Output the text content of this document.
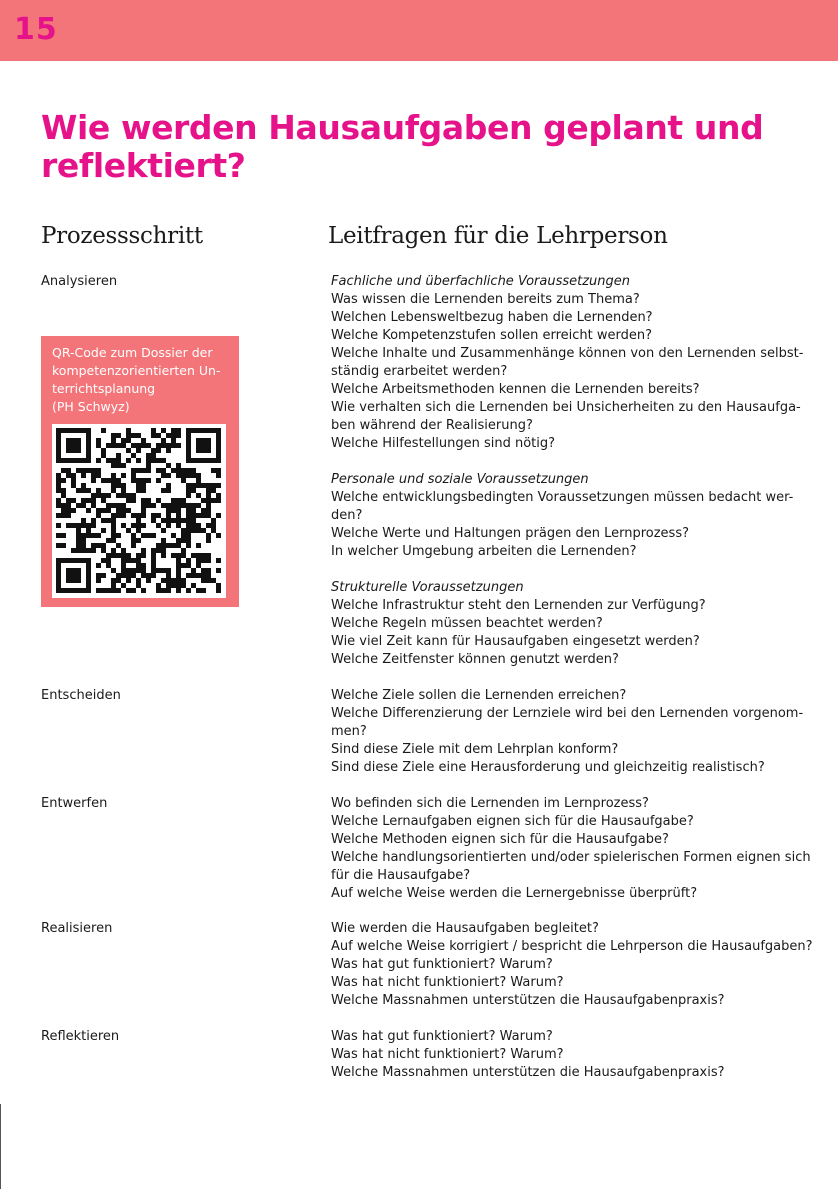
15
Wie werden Hausaufgaben geplant und
reflektiert?
Prozessschritt	Leitfragen für die Lehrperson
Analysieren
Entscheiden
Entwerfen
Realisieren
Reflektieren
QR-Code zum Dossier der
kompetenzorientierten Un-
terrichtsplanung
(PH Schwyz)
Fachliche und überfachliche Voraussetzungen
Was wissen die Lernenden bereits zum Thema?
Welchen Lebensweltbezug haben die Lernenden?
Welche Kompetenzstufen sollen erreicht werden?
Welche Inhalte und Zusammenhänge können von den Lernenden selbst-
ständig erarbeitet werden?
Welche Arbeitsmethoden kennen die Lernenden bereits?
Wie verhalten sich die Lernenden bei Unsicherheiten zu den Hausaufga-
ben während der Realisierung?
Welche Hilfestellungen sind nötig?
Personale und soziale Voraussetzungen
Welche entwicklungsbedingten Voraussetzungen müssen bedacht wer-
den?
Welche Werte und Haltungen prägen den Lernprozess?
In welcher Umgebung arbeiten die Lernenden?
Strukturelle Voraussetzungen
Welche Infrastruktur steht den Lernenden zur Verfügung?
Welche Regeln müssen beachtet werden?
Wie viel Zeit kann für Hausaufgaben eingesetzt werden?
Welche Zeitfenster können genutzt werden?
Welche Ziele sollen die Lernenden erreichen?
Welche Differenzierung der Lernziele wird bei den Lernenden vorgenom-
men?
Sind diese Ziele mit dem Lehrplan konform?
Sind diese Ziele eine Herausforderung und gleichzeitig realistisch?
Wo befinden sich die Lernenden im Lernprozess?
Welche Lernaufgaben eignen sich für die Hausaufgabe?
Welche Methoden eignen sich für die Hausaufgabe?
Welche handlungsorientierten und/oder spielerischen Formen eignen sich
für die Hausaufgabe?
Auf welche Weise werden die Lernergebnisse überprüft?
Wie werden die Hausaufgaben begleitet?
Auf welche Weise korrigiert / bespricht die Lehrperson die Hausaufgaben?
Was hat gut funktioniert? Warum?
Was hat nicht funktioniert? Warum?
Welche Massnahmen unterstützen die Hausaufgabenpraxis?
Was hat gut funktioniert? Warum?
Was hat nicht funktioniert? Warum?
Welche Massnahmen unterstützen die Hausaufgabenpraxis?
